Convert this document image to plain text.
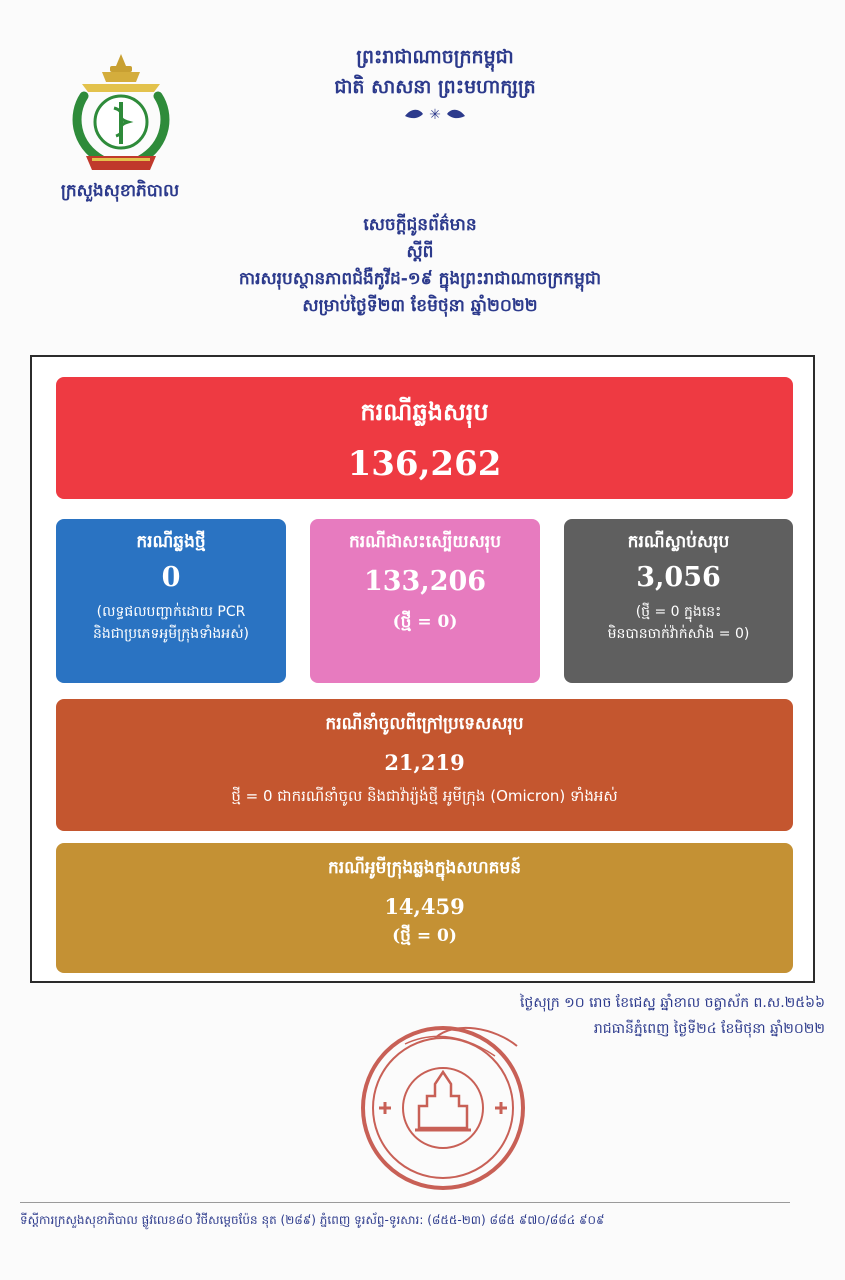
ក្រសួងសុខាភិបាល
ព្រះរាជាណាចក្រកម្ពុជា
ជាតិ សាសនា ព្រះមហាក្សត្រ
✳
សេចក្តីជូនព័ត៌មាន
ស្តីពី
ការសរុបស្ថានភាពជំងឺកូវីដ-១៩ ក្នុងព្រះរាជាណាចក្រកម្ពុជា
សម្រាប់ថ្ងៃទី២៣ ខែមិថុនា ឆ្នាំ២០២២
ករណីឆ្លងសរុប
136,262
ករណីឆ្លងថ្មី
0
(លទ្ធផលបញ្ជាក់ដោយ PCR
និងជាប្រភេទអូមីក្រុងទាំងអស់)
ករណីជាសះស្បើយសរុប
133,206
(ថ្មី = 0)
ករណីស្លាប់សរុប
3,056
(ថ្មី = 0 ក្នុងនេះ
មិនបានចាក់វ៉ាក់សាំង = 0)
ករណីនាំចូលពីក្រៅប្រទេសសរុប
21,219
ថ្មី = 0 ជាករណីនាំចូល និងជាវ៉ារ្យ៉ង់ថ្មី អូមីក្រុង (Omicron) ទាំងអស់
ករណីអូមីក្រុងឆ្លងក្នុងសហគមន៍
14,459
(ថ្មី = 0)
ថ្ងៃសុក្រ ១០ រោច ខែជេស្ឋ ឆ្នាំខាល ចត្វាស័ក ព.ស.២៥៦៦
រាជធានីភ្នំពេញ ថ្ងៃទី២៤ ខែមិថុនា ឆ្នាំ២០២២
ទីស្តីការក្រសួងសុខាភិបាល ផ្លូវលេខ៨០ វិថីសម្តេចប៉ែន នុត (២៨៩) ភ្នំពេញ ទូរស័ព្ទ-ទូរសារ: (៨៥៥-២៣) ៨៨៥ ៩៧០/៨៨៤ ៩០៩
